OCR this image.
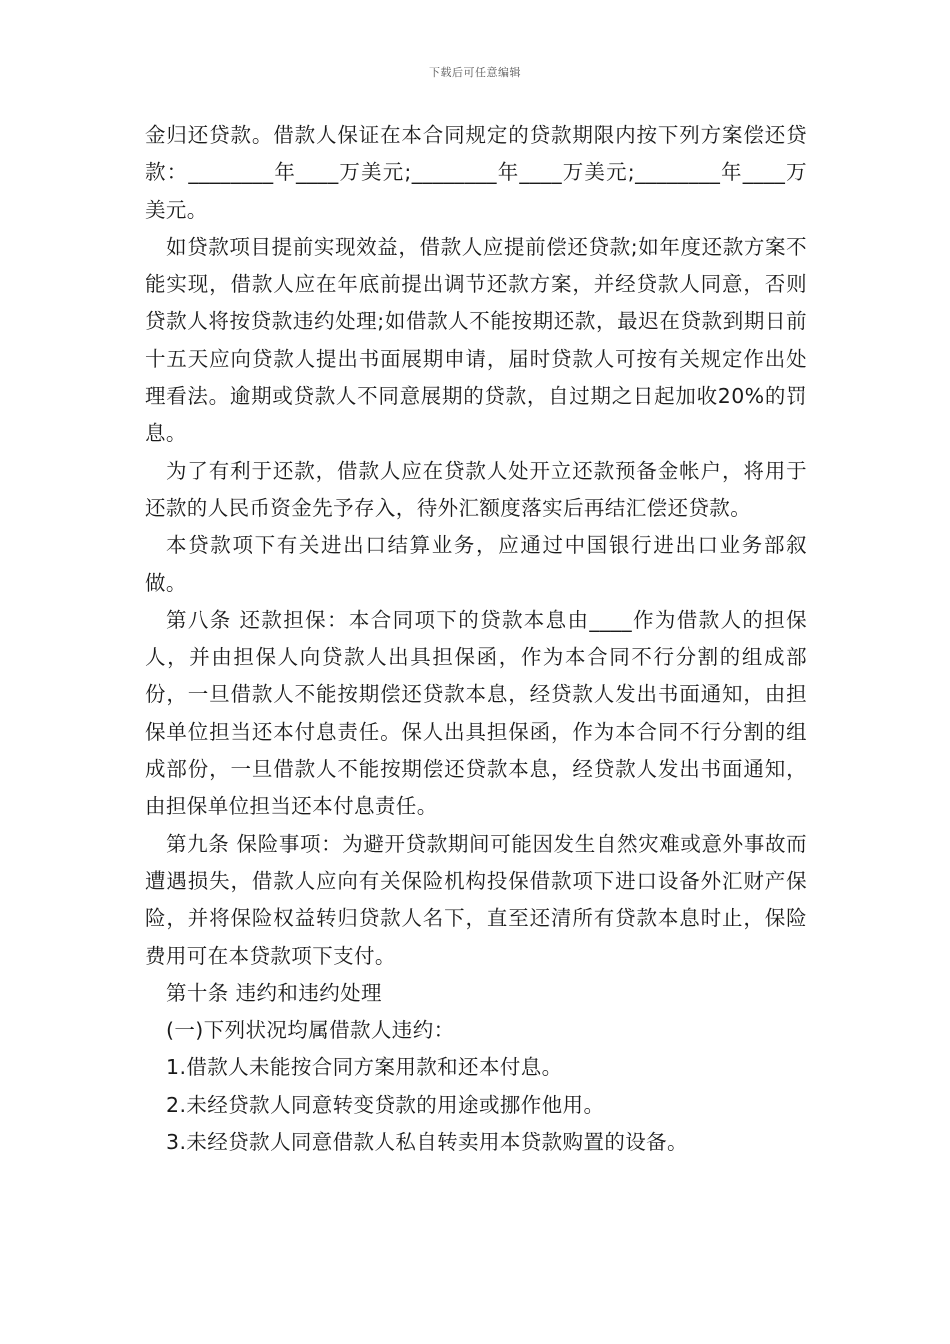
下载后可任意编辑

金归还贷款。借款人保证在本合同规定的贷款期限内按下列方案偿还贷款：________年____万美元;________年____万美元;________年____万美元。

如贷款项目提前实现效益，借款人应提前偿还贷款;如年度还款方案不能实现，借款人应在年底前提出调节还款方案，并经贷款人同意，否则贷款人将按贷款违约处理;如借款人不能按期还款，最迟在贷款到期日前十五天应向贷款人提出书面展期申请，届时贷款人可按有关规定作出处理看法。逾期或贷款人不同意展期的贷款，自过期之日起加收20%的罚息。

为了有利于还款，借款人应在贷款人处开立还款预备金帐户，将用于还款的人民币资金先予存入，待外汇额度落实后再结汇偿还贷款。

本贷款项下有关进出口结算业务，应通过中国银行进出口业务部叙做。

第八条 还款担保：本合同项下的贷款本息由____作为借款人的担保人，并由担保人向贷款人出具担保函，作为本合同不行分割的组成部份，一旦借款人不能按期偿还贷款本息，经贷款人发出书面通知，由担保单位担当还本付息责任。保人出具担保函，作为本合同不行分割的组成部份，一旦借款人不能按期偿还贷款本息，经贷款人发出书面通知，由担保单位担当还本付息责任。

第九条 保险事项：为避开贷款期间可能因发生自然灾难或意外事故而遭遇损失，借款人应向有关保险机构投保借款项下进口设备外汇财产保险，并将保险权益转归贷款人名下，直至还清所有贷款本息时止，保险费用可在本贷款项下支付。

第十条 违约和违约处理

(一)下列状况均属借款人违约：

1.借款人未能按合同方案用款和还本付息。

2.未经贷款人同意转变贷款的用途或挪作他用。

3.未经贷款人同意借款人私自转卖用本贷款购置的设备。
